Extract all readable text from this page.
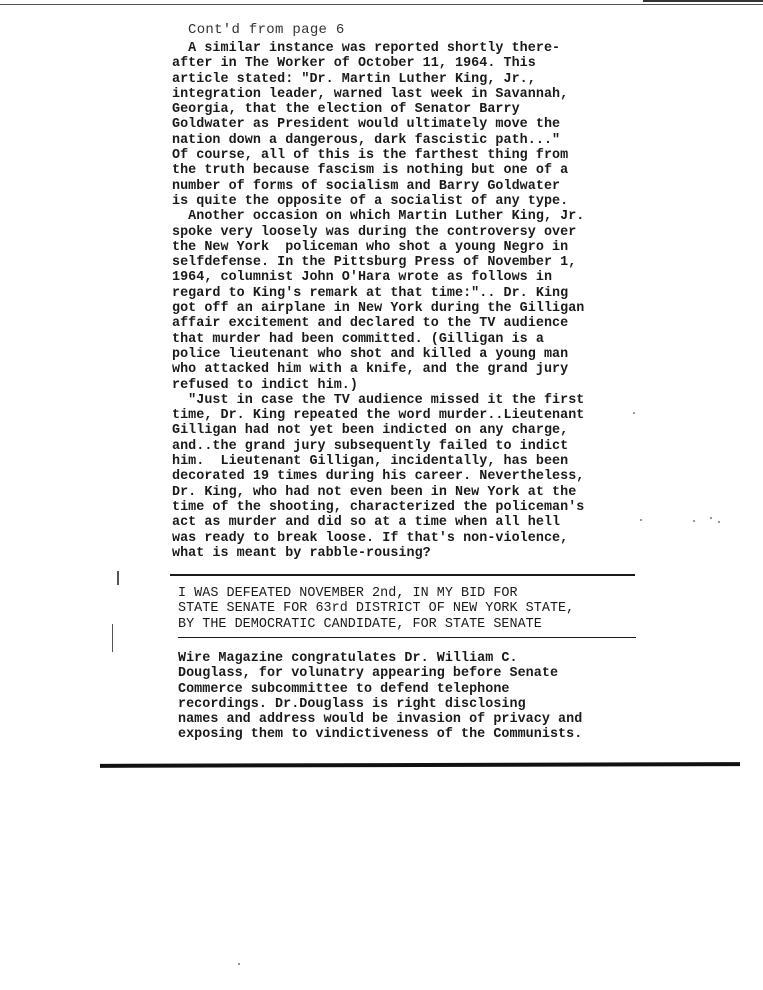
Cont'd from page 6
A similar instance was reported shortly there-
after in The Worker of October 11, 1964. This
article stated: "Dr. Martin Luther King, Jr.,
integration leader, warned last week in Savannah,
Georgia, that the election of Senator Barry
Goldwater as President would ultimately move the
nation down a dangerous, dark fascistic path..."
Of course, all of this is the farthest thing from
the truth because fascism is nothing but one of a
number of forms of socialism and Barry Goldwater
is quite the opposite of a socialist of any type.
Another occasion on which Martin Luther King, Jr.
spoke very loosely was during the controversy over
the New York  policeman who shot a young Negro in
selfdefense. In the Pittsburg Press of November 1,
1964, columnist John O'Hara wrote as follows in
regard to King's remark at that time:".. Dr. King
got off an airplane in New York during the Gilligan
affair excitement and declared to the TV audience
that murder had been committed. (Gilligan is a
police lieutenant who shot and killed a young man
who attacked him with a knife, and the grand jury
refused to indict him.)
"Just in case the TV audience missed it the first
time, Dr. King repeated the word murder..Lieutenant
Gilligan had not yet been indicted on any charge,
and..the grand jury subsequently failed to indict
him.  Lieutenant Gilligan, incidentally, has been
decorated 19 times during his career. Nevertheless,
Dr. King, who had not even been in New York at the
time of the shooting, characterized the policeman's
act as murder and did so at a time when all hell
was ready to break loose. If that's non-violence,
what is meant by rabble-rousing?
I WAS DEFEATED NOVEMBER 2nd, IN MY BID FOR
STATE SENATE FOR 63rd DISTRICT OF NEW YORK STATE,
BY THE DEMOCRATIC CANDIDATE, FOR STATE SENATE
Wire Magazine congratulates Dr. William C.
Douglass, for volunatry appearing before Senate
Commerce subcommittee to defend telephone
recordings. Dr.Douglass is right disclosing
names and address would be invasion of privacy and
exposing them to vindictiveness of the Communists.
